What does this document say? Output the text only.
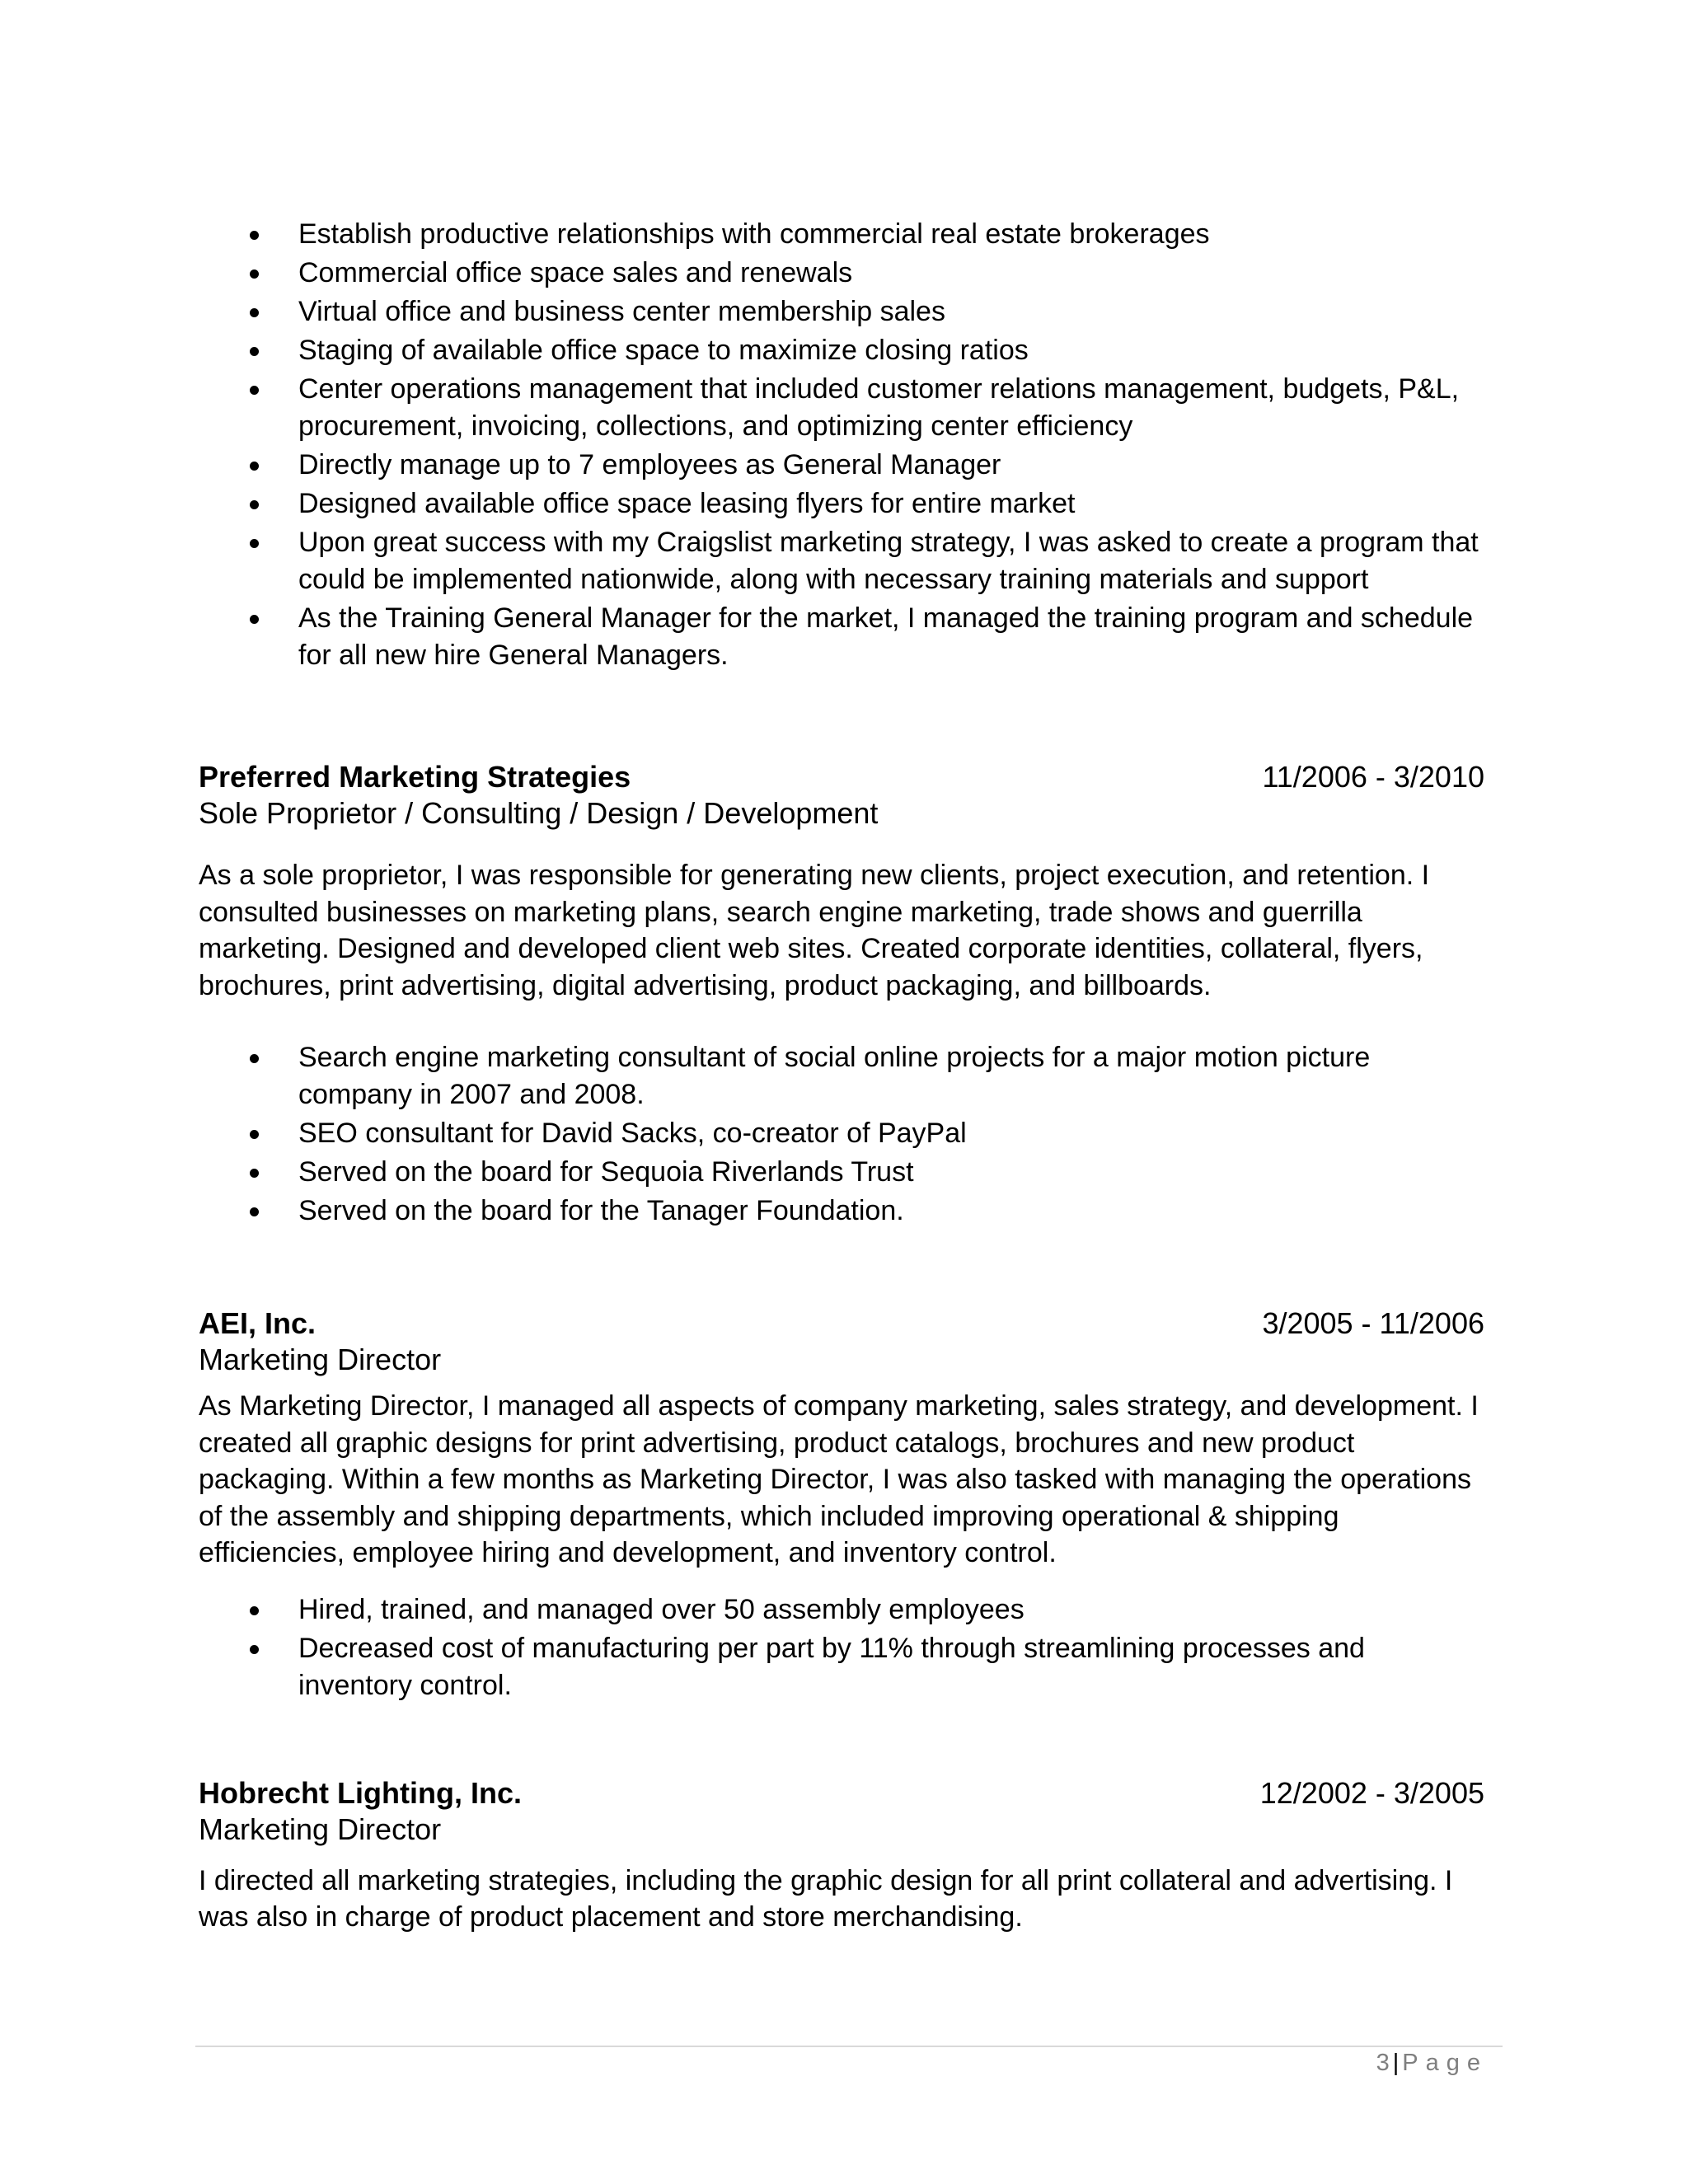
Establish productive relationships with commercial real estate brokerages
Commercial office space sales and renewals
Virtual office and business center membership sales
Staging of available office space to maximize closing ratios
Center operations management that included customer relations management, budgets, P&L, procurement, invoicing, collections, and optimizing center efficiency
Directly manage up to 7 employees as General Manager
Designed available office space leasing flyers for entire market
Upon great success with my Craigslist marketing strategy, I was asked to create a program that could be implemented nationwide, along with necessary training materials and support
As the Training General Manager for the market, I managed the training program and schedule for all new hire General Managers.
Preferred Marketing Strategies	11/2006 - 3/2010
Sole Proprietor / Consulting / Design / Development

As a sole proprietor, I was responsible for generating new clients, project execution, and retention. I consulted businesses on marketing plans, search engine marketing, trade shows and guerrilla marketing. Designed and developed client web sites. Created corporate identities, collateral, flyers, brochures, print advertising, digital advertising, product packaging, and billboards.

Search engine marketing consultant of social online projects for a major motion picture company in 2007 and 2008.
SEO consultant for David Sacks, co-creator of PayPal
Served on the board for Sequoia Riverlands Trust
Served on the board for the Tanager Foundation.
AEI, Inc.	3/2005 - 11/2006
Marketing Director

As Marketing Director, I managed all aspects of company marketing, sales strategy, and development. I created all graphic designs for print advertising, product catalogs, brochures and new product packaging. Within a few months as Marketing Director, I was also tasked with managing the operations of the assembly and shipping departments, which included improving operational & shipping efficiencies, employee hiring and development, and inventory control.

Hired, trained, and managed over 50 assembly employees
Decreased cost of manufacturing per part by 11% through streamlining processes and inventory control.
Hobrecht Lighting, Inc.	12/2002 - 3/2005
Marketing Director

I directed all marketing strategies, including the graphic design for all print collateral and advertising. I was also in charge of product placement and store merchandising.

3 | Page
